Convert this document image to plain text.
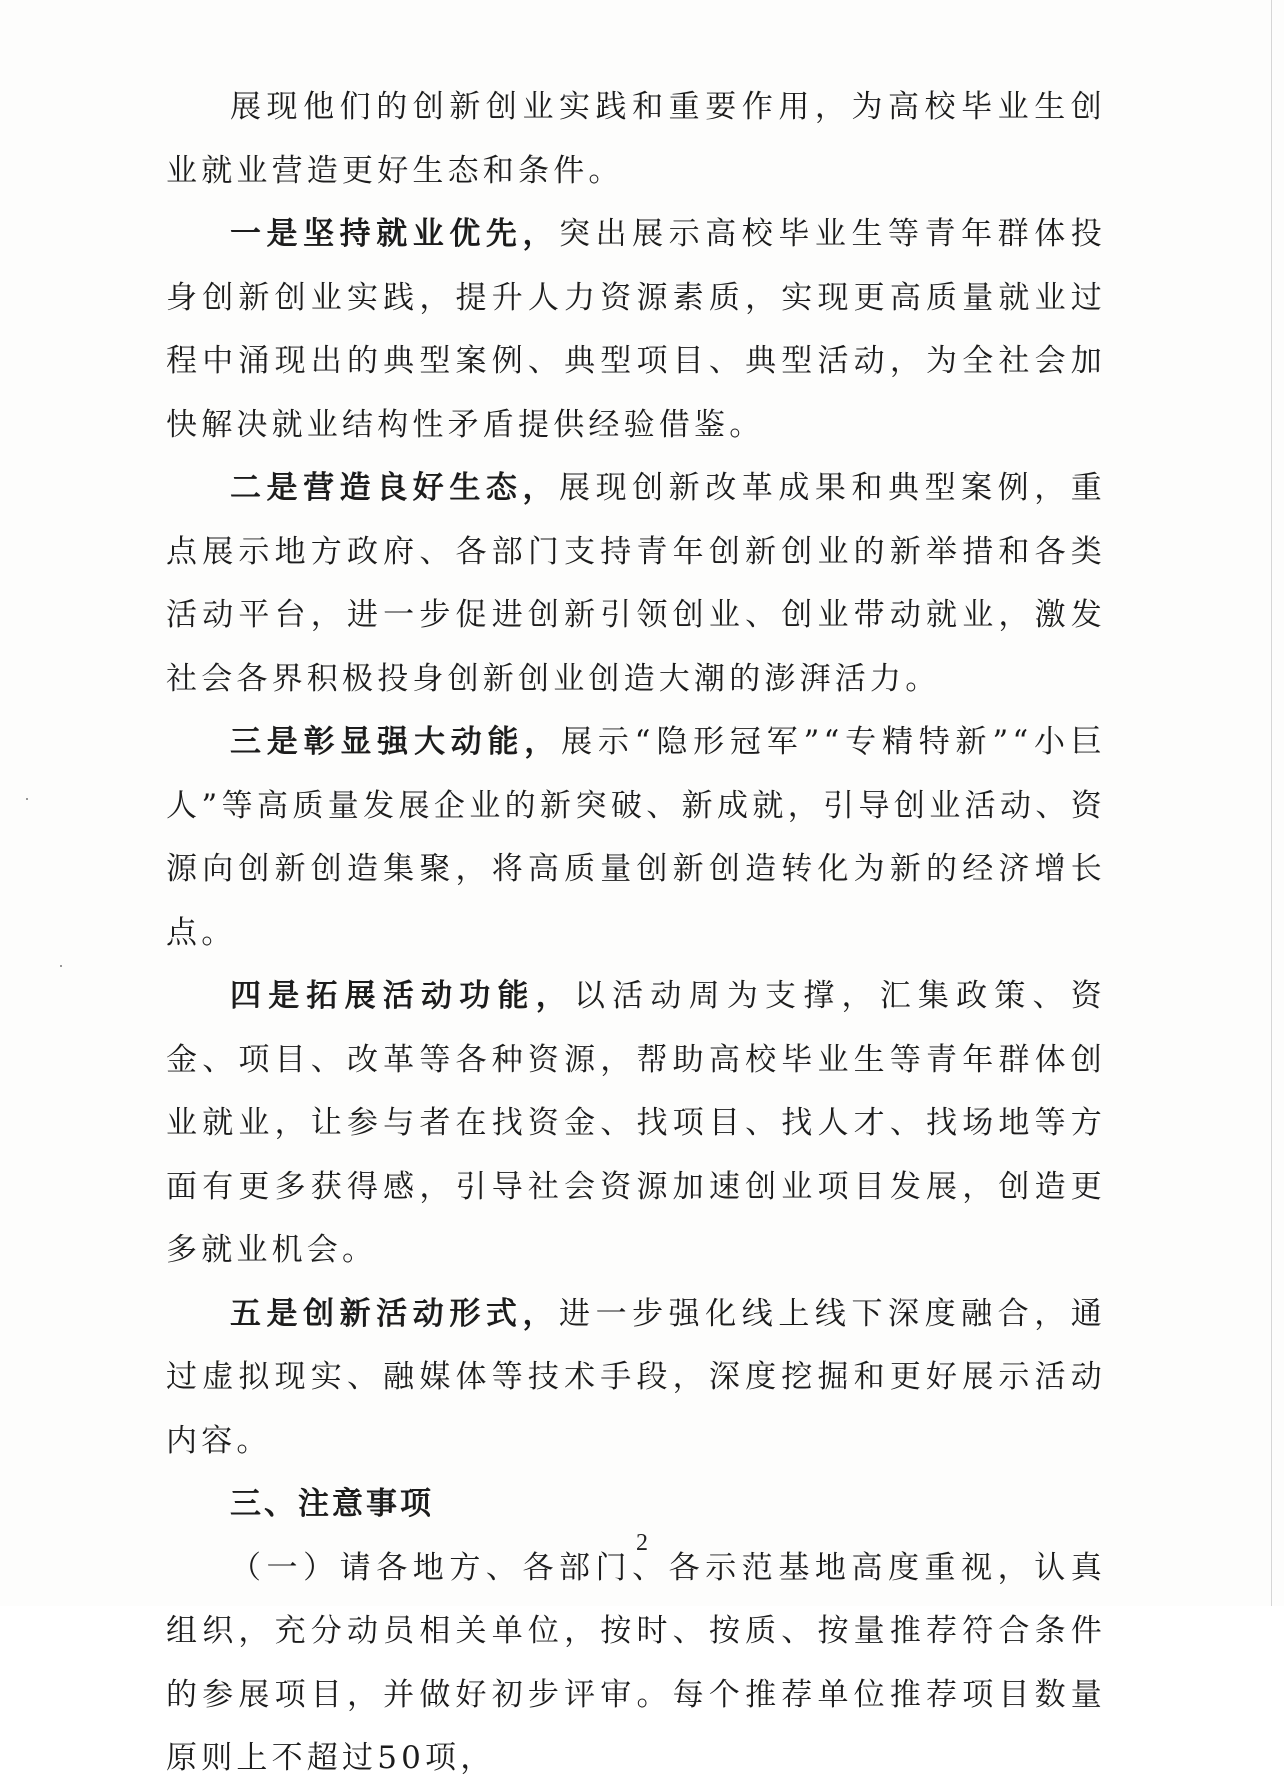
展现他们的创新创业实践和重要作用，为高校毕业生创业就业营造更好生态和条件。

一是坚持就业优先，突出展示高校毕业生等青年群体投身创新创业实践，提升人力资源素质，实现更高质量就业过程中涌现出的典型案例、典型项目、典型活动，为全社会加快解决就业结构性矛盾提供经验借鉴。

二是营造良好生态，展现创新改革成果和典型案例，重点展示地方政府、各部门支持青年创新创业的新举措和各类活动平台，进一步促进创新引领创业、创业带动就业，激发社会各界积极投身创新创业创造大潮的澎湃活力。

三是彰显强大动能，展示“隐形冠军”“专精特新”“小巨人”等高质量发展企业的新突破、新成就，引导创业活动、资源向创新创造集聚，将高质量创新创造转化为新的经济增长点。

四是拓展活动功能，以活动周为支撑，汇集政策、资金、项目、改革等各种资源，帮助高校毕业生等青年群体创业就业，让参与者在找资金、找项目、找人才、找场地等方面有更多获得感，引导社会资源加速创业项目发展，创造更多就业机会。

五是创新活动形式，进一步强化线上线下深度融合，通过虚拟现实、融媒体等技术手段，深度挖掘和更好展示活动内容。

三、注意事项

（一）请各地方、各部门、各示范基地高度重视，认真组织，充分动员相关单位，按时、按质、按量推荐符合条件的参展项目，并做好初步评审。每个推荐单位推荐项目数量原则上不超过50项，

2
